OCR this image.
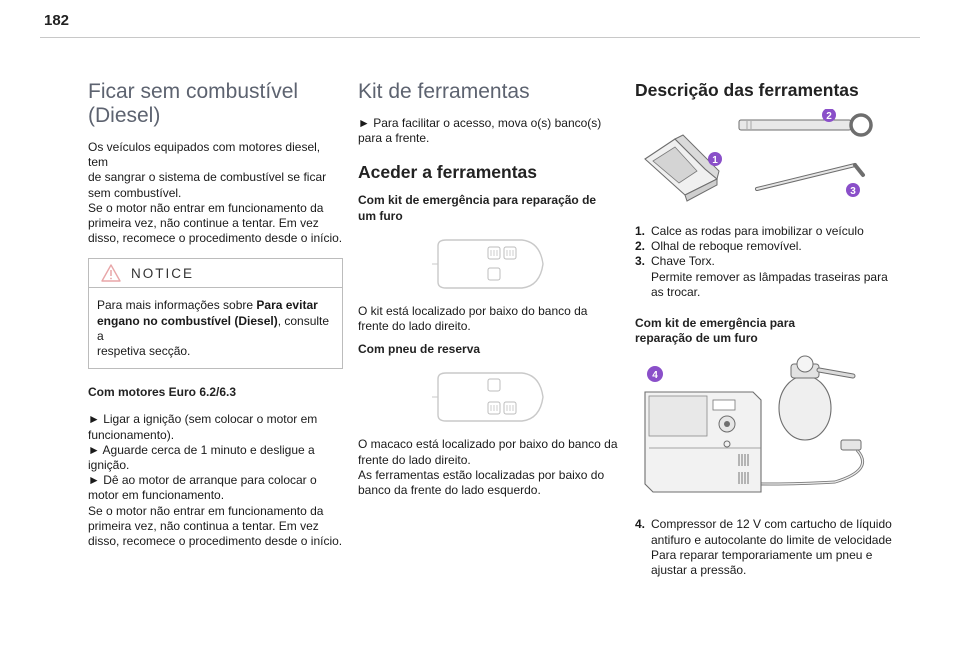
182
Ficar sem combustível
(Diesel)

Os veículos equipados com motores diesel, tem
de sangrar o sistema de combustível se ficar
sem combustível.
Se o motor não entrar em funcionamento da
primeira vez, não continue a tentar. Em vez
disso, recomece o procedimento desde o início.

NOTICE

Para mais informações sobre Para evitar
engano no combustível (Diesel), consulte a
respetiva secção.

Com motores Euro 6.2/6.3

► Ligar a ignição (sem colocar o motor em
funcionamento).
► Aguarde cerca de 1 minuto e desligue a
ignição.
► Dê ao motor de arranque para colocar o
motor em funcionamento.
Se o motor não entrar em funcionamento da
primeira vez, não continua a tentar. Em vez
disso, recomece o procedimento desde o início.

Kit de ferramentas

► Para facilitar o acesso, mova o(s) banco(s)
para a frente.

Aceder a ferramentas

Com kit de emergência para reparação de
um furo

O kit está localizado por baixo do banco da
frente do lado direito.

Com pneu de reserva

O macaco está localizado por baixo do banco da
frente do lado direito.
As ferramentas estão localizadas por baixo do
banco da frente do lado esquerdo.

Descrição das ferramentas
1
2
3
1. Calce as rodas para imobilizar o veículo
2. Olhal de reboque removível.
3. Chave Torx.
Permite remover as lâmpadas traseiras para
as trocar.

Com kit de emergência para
reparação de um furo

4
4. Compressor de 12 V com cartucho de líquido
antifuro e autocolante do limite de velocidade
Para reparar temporariamente um pneu e
ajustar a pressão.
